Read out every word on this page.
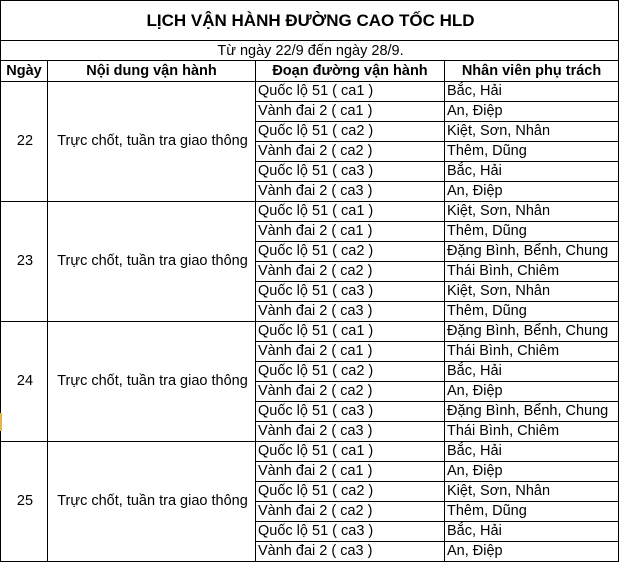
LỊCH VẬN HÀNH ĐƯỜNG CAO TỐC HLD			
Từ ngày 22/9 đến ngày 28/9.			
Ngày	Nội dung vận hành	Đoạn đường vận hành	Nhân viên phụ trách
22	Trực chốt, tuần tra giao thông	Quốc lộ 51 ( ca1 )	Bắc, Hải
		Vành đai 2 ( ca1 )	An, Điệp
		Quốc lộ 51 ( ca2 )	Kiệt, Sơn, Nhân
		Vành đai 2 ( ca2 )	Thêm, Dũng
		Quốc lộ 51 ( ca3 )	Bắc, Hải
		Vành đai 2 ( ca3 )	An, Điệp
23	Trực chốt, tuần tra giao thông	Quốc lộ 51 ( ca1 )	Kiệt, Sơn, Nhân
		Vành đai 2 ( ca1 )	Thêm, Dũng
		Quốc lộ 51 ( ca2 )	Đặng Bình, Bểnh, Chung
		Vành đai 2 ( ca2 )	Thái Bình, Chiêm
		Quốc lộ 51 ( ca3 )	Kiệt, Sơn, Nhân
		Vành đai 2 ( ca3 )	Thêm, Dũng
24	Trực chốt, tuần tra giao thông	Quốc lộ 51 ( ca1 )	Đặng Bình, Bểnh, Chung
		Vành đai 2 ( ca1 )	Thái Bình, Chiêm
		Quốc lộ 51 ( ca2 )	Bắc, Hải
		Vành đai 2 ( ca2 )	An, Điệp
		Quốc lộ 51 ( ca3 )	Đặng Bình, Bểnh, Chung
		Vành đai 2 ( ca3 )	Thái Bình, Chiêm
25	Trực chốt, tuần tra giao thông	Quốc lộ 51 ( ca1 )	Bắc, Hải
		Vành đai 2 ( ca1 )	An, Điệp
		Quốc lộ 51 ( ca2 )	Kiệt, Sơn, Nhân
		Vành đai 2 ( ca2 )	Thêm, Dũng
		Quốc lộ 51 ( ca3 )	Bắc, Hải
		Vành đai 2 ( ca3 )	An, Điệp
